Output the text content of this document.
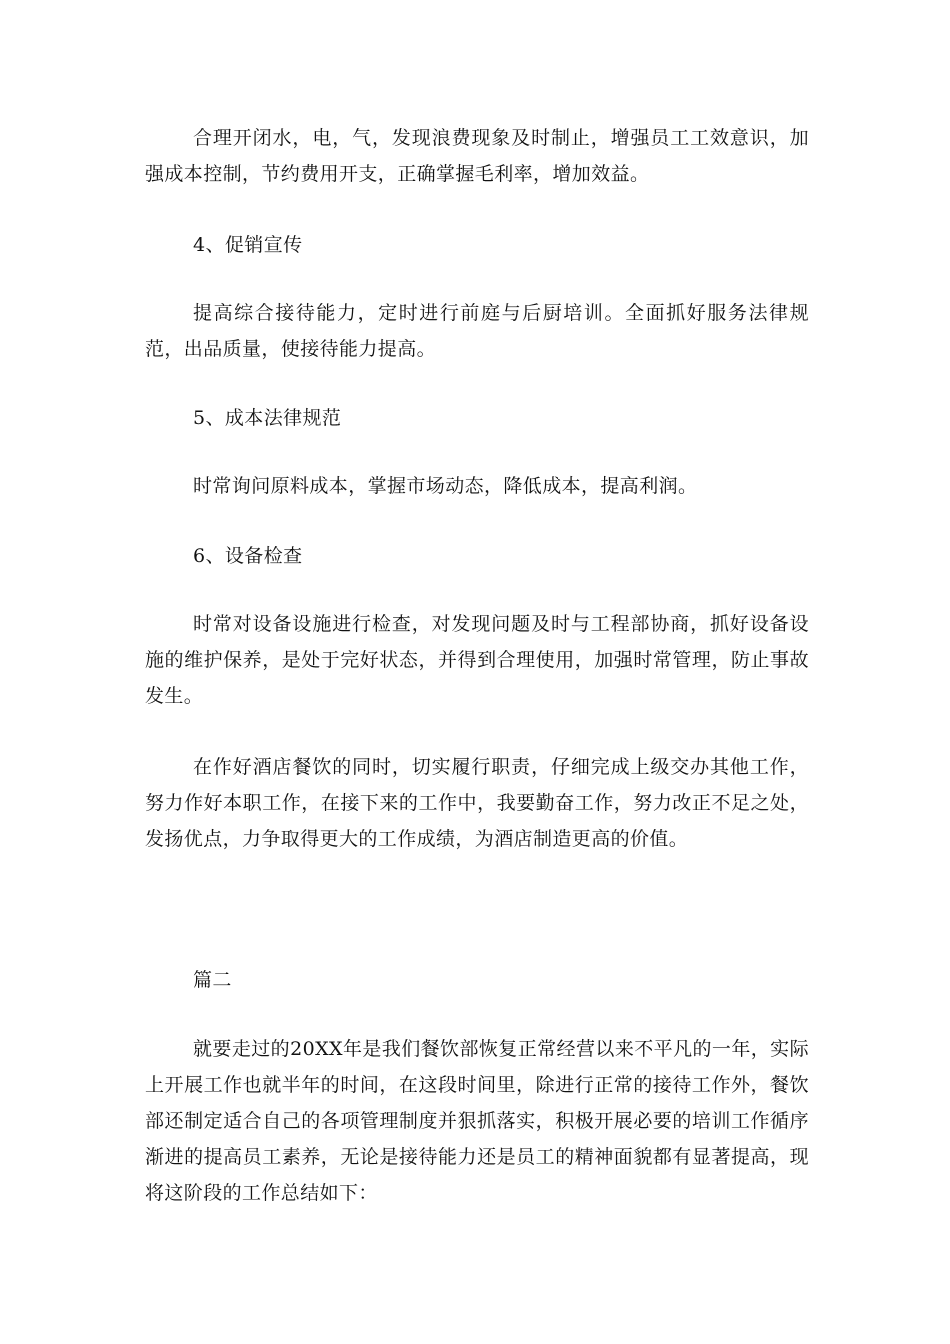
合理开闭水，电，气，发现浪费现象及时制止，增强员工工效意识，加强成本控制，节约费用开支，正确掌握毛利率，增加效益。

4、促销宣传

提高综合接待能力，定时进行前庭与后厨培训。全面抓好服务法律规范，出品质量，使接待能力提高。

5、成本法律规范

时常询问原料成本，掌握市场动态，降低成本，提高利润。

6、设备检查

时常对设备设施进行检查，对发现问题及时与工程部协商，抓好设备设施的维护保养，是处于完好状态，并得到合理使用，加强时常管理，防止事故发生。

在作好酒店餐饮的同时，切实履行职责，仔细完成上级交办其他工作，努力作好本职工作，在接下来的工作中，我要勤奋工作，努力改正不足之处，发扬优点，力争取得更大的工作成绩，为酒店制造更高的价值。

篇二

就要走过的20XX年是我们餐饮部恢复正常经营以来不平凡的一年，实际上开展工作也就半年的时间，在这段时间里，除进行正常的接待工作外，餐饮部还制定适合自己的各项管理制度并狠抓落实，积极开展必要的培训工作循序渐进的提高员工素养，无论是接待能力还是员工的精神面貌都有显著提高，现将这阶段的工作总结如下：
